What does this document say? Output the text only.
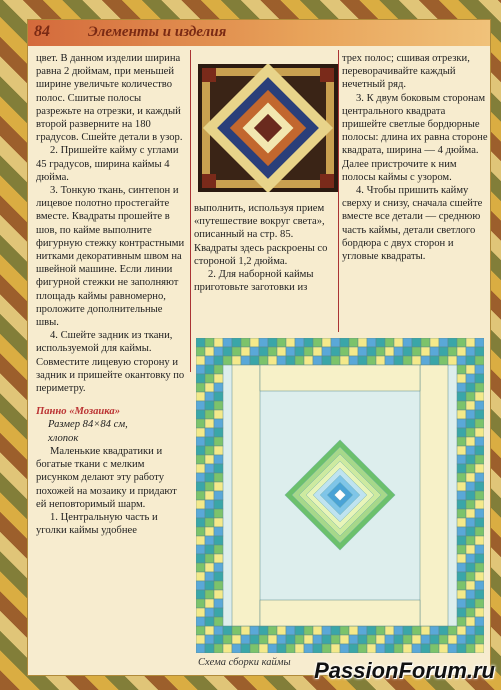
84	Элементы и изделия

цвет. В данном изделии ширина равна 2 дюймам, при меньшей ширине увеличьте количество полос. Сшитые полосы разрежьте на отрезки, и каждый второй разверните на 180 градусов. Сшейте детали в узор.

2. Пришейте кайму с углами 45 градусов, ширина каймы 4 дюйма.

3. Тонкую ткань, синтепон и лицевое полотно простегайте вместе. Квадраты прошейте в шов, по кайме выполните фигурную стежку контрастными нитками декоративным швом на швейной машине. Если линии фигурной стежки не заполняют площадь каймы равномерно, проложите дополнительные швы.

4. Сшейте задник из ткани, используемой для каймы. Совместите лицевую сторону и задник и пришейте окантовку по периметру.

Панно «Мозаика»

Размер 84×84 см,

хлопок

Маленькие квадратики и богатые ткани с мелким рисунком делают эту работу похожей на мозаику и придают ей неповторимый шарм.

1. Центральную часть и уголки каймы удобнее

выполнить, используя прием «путешествие вокруг света», описанный на стр. 85. Квадраты здесь раскроены со стороной 1,2 дюйма.

2. Для наборной каймы приготовьте заготовки из

трех полос; сшивая отрезки, переворачивайте каждый нечетный ряд.

3. К двум боковым сторонам центрального квадрата пришейте светлые бордюрные полосы: длина их равна стороне квадрата, ширина — 4 дюйма. Далее пристрочите к ним полосы каймы с узором.

4. Чтобы пришить кайму сверху и снизу, сначала сшейте вместе все детали — среднюю часть каймы, детали светлого бордюра с двух сторон и угловые квадраты.

Схема сборки каймы PassionForum.ru
